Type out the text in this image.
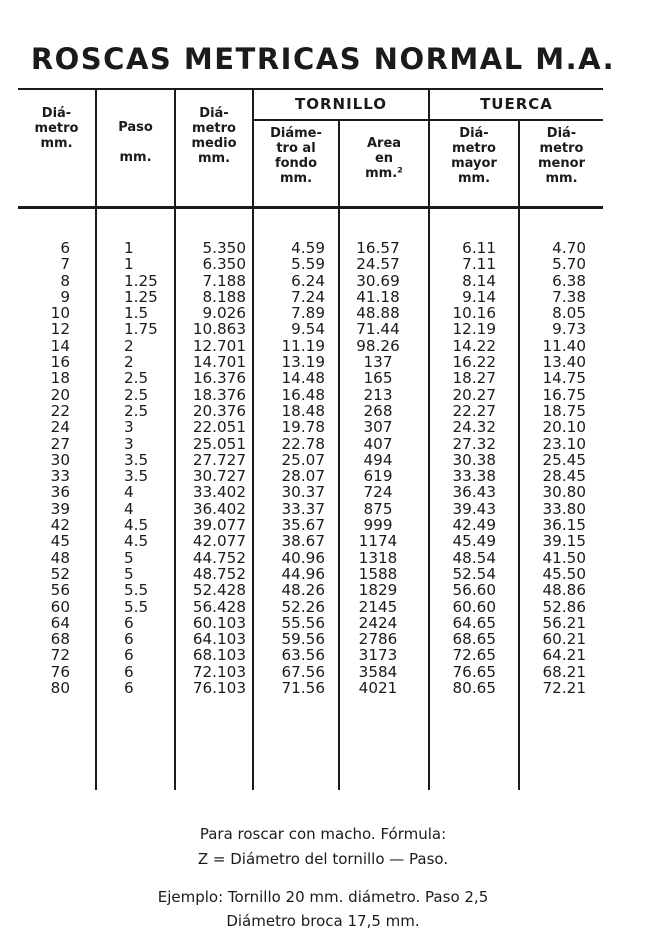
ROSCAS METRICAS NORMAL M.A.
Diá-
metro
mm.
Paso

mm.
Diá-
metro
medio
mm.
TORNILLO	TUERCA
Diáme-
tro al
fondo
mm.
Area
en
mm.²
Diá-
metro
mayor
mm.
Diá-
metro
menor
mm.
6
7
8
9
10
12
14
16
18
20
22
24
27
30
33
36
39
42
45
48
52
56
60
64
68
72
76
80
1
1
1.25
1.25
1.5
1.75
2
2
2.5
2.5
2.5
3
3
3.5
3.5
4
4
4.5
4.5
5
5
5.5
5.5
6
6
6
6
6
5.350
6.350
7.188
8.188
9.026
10.863
12.701
14.701
16.376
18.376
20.376
22.051
25.051
27.727
30.727
33.402
36.402
39.077
42.077
44.752
48.752
52.428
56.428
60.103
64.103
68.103
72.103
76.103
4.59
5.59
6.24
7.24
7.89
9.54
11.19
13.19
14.48
16.48
18.48
19.78
22.78
25.07
28.07
30.37
33.37
35.67
38.67
40.96
44.96
48.26
52.26
55.56
59.56
63.56
67.56
71.56
16.57
24.57
30.69
41.18
48.88
71.44
98.26
137
165
213
268
307
407
494
619
724
875
999
1174
1318
1588
1829
2145
2424
2786
3173
3584
4021
6.11
7.11
8.14
9.14
10.16
12.19
14.22
16.22
18.27
20.27
22.27
24.32
27.32
30.38
33.38
36.43
39.43
42.49
45.49
48.54
52.54
56.60
60.60
64.65
68.65
72.65
76.65
80.65
4.70
5.70
6.38
7.38
8.05
9.73
11.40
13.40
14.75
16.75
18.75
20.10
23.10
25.45
28.45
30.80
33.80
36.15
39.15
41.50
45.50
48.86
52.86
56.21
60.21
64.21
68.21
72.21
Para roscar con macho. Fórmula:
Z = Diámetro del tornillo — Paso.
Ejemplo: Tornillo 20 mm. diámetro. Paso 2,5
Diámetro broca 17,5 mm.
